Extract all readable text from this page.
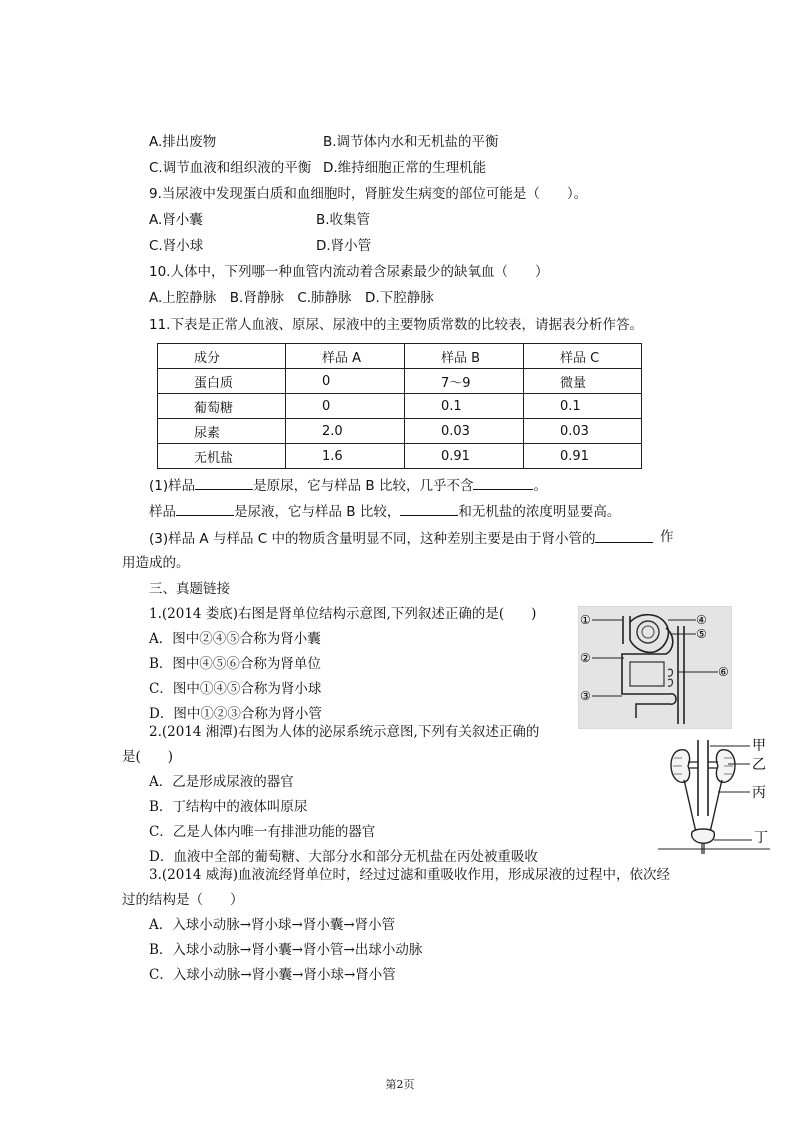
A.排出废物	B.调节体内水和无机盐的平衡
C.调节血液和组织液的平衡 D.维持细胞正常的生理机能
9.当尿液中发现蛋白质和血细胞时，肾脏发生病变的部位可能是（　　）。
A.肾小囊	B.收集管
C.肾小球	D.肾小管
10.人体中，下列哪一种血管内流动着含尿素最少的缺氧血（　　）
A.上腔静脉　B.肾静脉　C.肺静脉　D.下腔静脉
11.下表是正常人血液、原尿、尿液中的主要物质常数的比较表，请据表分析作答。
成分	样品 A	样品 B	样品 C
蛋白质	0	7～9	微量
葡萄糖	0	0.1	0.1
尿素	2.0	0.03	0.03
无机盐	1.6	0.91	0.91
(1)样品	是原尿，它与样品 B 比较，几乎不含	。
样品	是尿液，它与样品 B 比较，	和无机盐的浓度明显要高。
(3)样品 A 与样品 C 中的物质含量明显不同，这种差别主要是由于肾小管的	作
用造成的。
三、真题链接
1.(2014 娄底)右图是肾单位结构示意图,下列叙述正确的是(　　)
A．图中②④⑤合称为肾小囊
B．图中④⑤⑥合称为肾单位
C．图中①④⑤合称为肾小球
D．图中①②③合称为肾小管
①
②
③
④
⑤
⑥
2.(2014 湘潭)右图为人体的泌尿系统示意图,下列有关叙述正确的
是(　　)
A．乙是形成尿液的器官
B．丁结构中的液体叫原尿
C．乙是人体内唯一有排泄功能的器官
D．血液中全部的葡萄糖、大部分水和部分无机盐在丙处被重吸收
甲
乙
丙
丁
3.(2014 威海)血液流经肾单位时，经过过滤和重吸收作用，形成尿液的过程中，依次经
过的结构是（　　）
A．入球小动脉→肾小球→肾小囊→肾小管
B．入球小动脉→肾小囊→肾小管→出球小动脉
C．入球小动脉→肾小囊→肾小球→肾小管
第2页
